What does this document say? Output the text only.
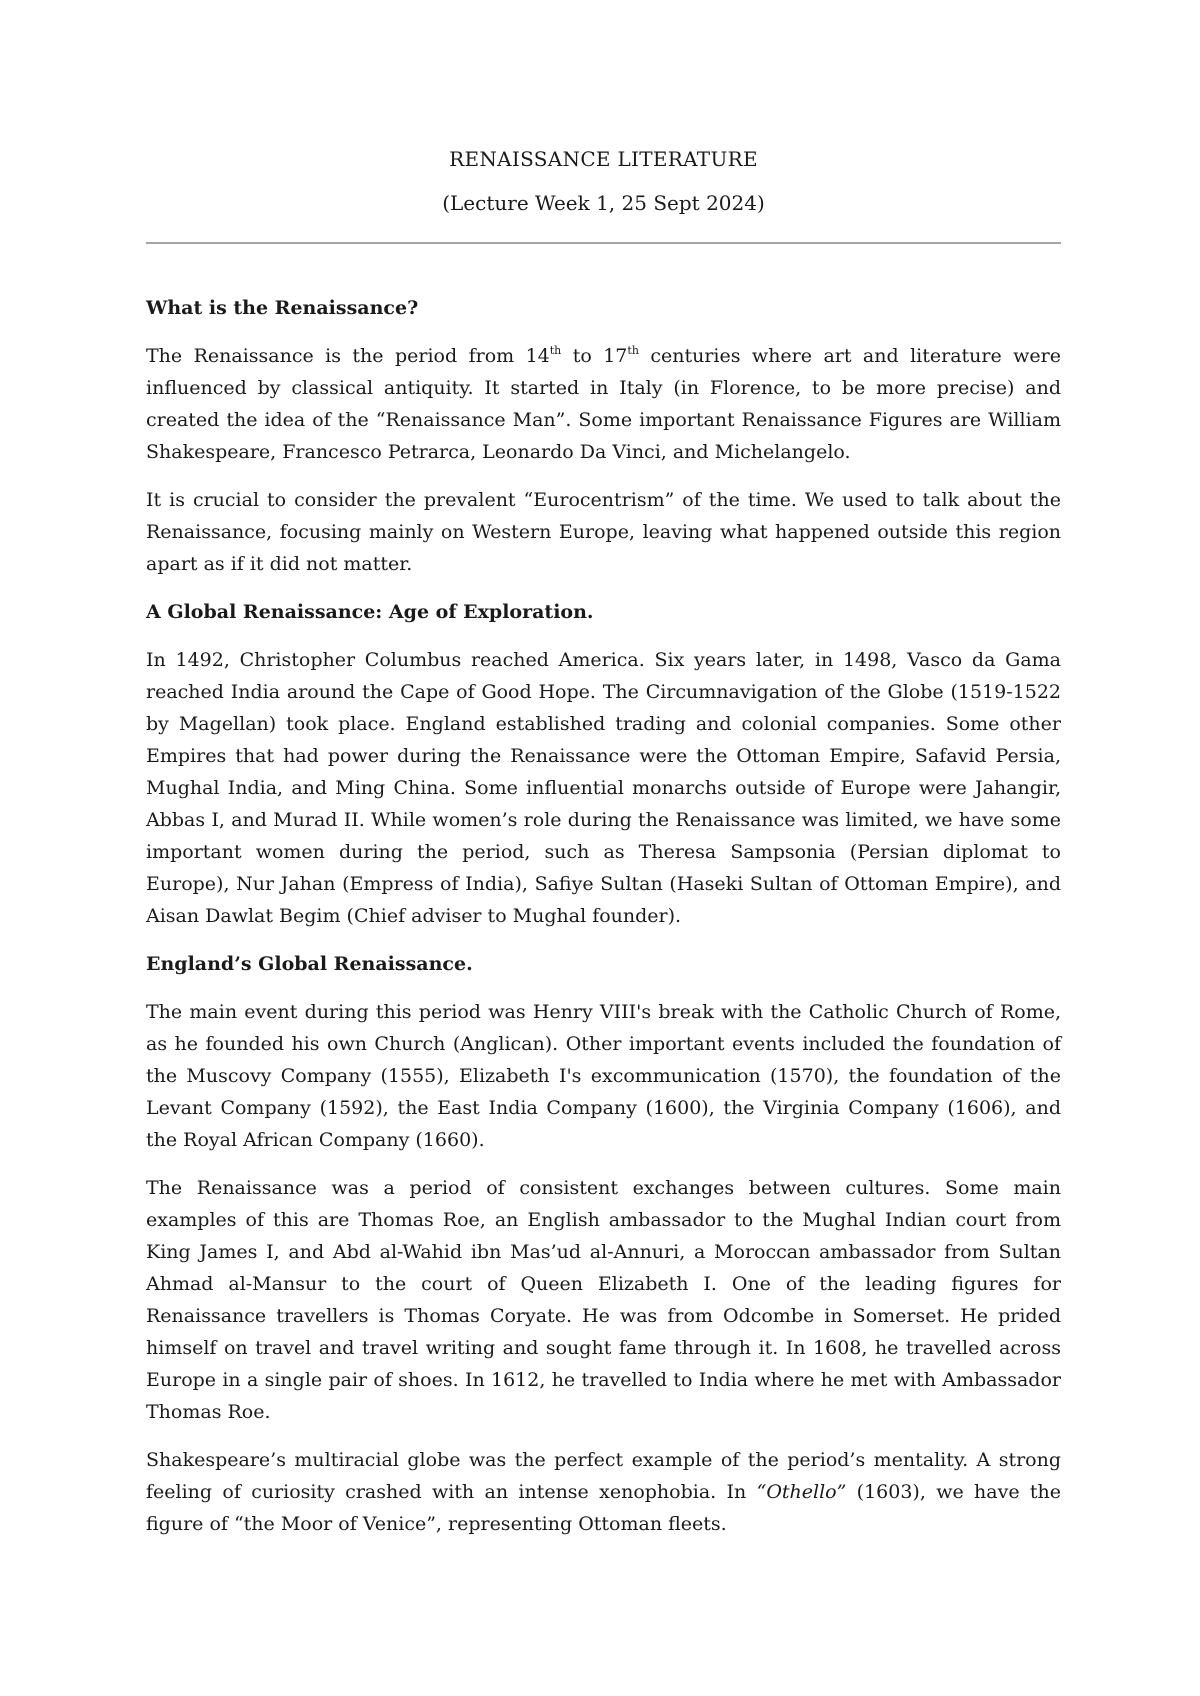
RENAISSANCE LITERATURE

(Lecture Week 1, 25 Sept 2024)

What is the Renaissance?

The Renaissance is the period from 14th to 17th centuries where art and literature were influenced by classical antiquity. It started in Italy (in Florence, to be more precise) and created the idea of the “Renaissance Man”. Some important Renaissance Figures are William Shakespeare, Francesco Petrarca, Leonardo Da Vinci, and Michelangelo.

It is crucial to consider the prevalent “Eurocentrism” of the time. We used to talk about the Renaissance, focusing mainly on Western Europe, leaving what happened outside this region apart as if it did not matter.

A Global Renaissance: Age of Exploration.

In 1492, Christopher Columbus reached America. Six years later, in 1498, Vasco da Gama reached India around the Cape of Good Hope. The Circumnavigation of the Globe (1519-1522 by Magellan) took place. England established trading and colonial companies. Some other Empires that had power during the Renaissance were the Ottoman Empire, Safavid Persia, Mughal India, and Ming China. Some influential monarchs outside of Europe were Jahangir, Abbas I, and Murad II. While women’s role during the Renaissance was limited, we have some important women during the period, such as Theresa Sampsonia (Persian diplomat to Europe), Nur Jahan (Empress of India), Safiye Sultan (Haseki Sultan of Ottoman Empire), and Aisan Dawlat Begim (Chief adviser to Mughal founder).

England’s Global Renaissance.

The main event during this period was Henry VIII's break with the Catholic Church of Rome, as he founded his own Church (Anglican). Other important events included the foundation of the Muscovy Company (1555), Elizabeth I's excommunication (1570), the foundation of the Levant Company (1592), the East India Company (1600), the Virginia Company (1606), and the Royal African Company (1660).

The Renaissance was a period of consistent exchanges between cultures. Some main examples of this are Thomas Roe, an English ambassador to the Mughal Indian court from King James I, and Abd al-Wahid ibn Mas’ud al-Annuri, a Moroccan ambassador from Sultan Ahmad al-Mansur to the court of Queen Elizabeth I. One of the leading figures for Renaissance travellers is Thomas Coryate. He was from Odcombe in Somerset. He prided himself on travel and travel writing and sought fame through it. In 1608, he travelled across Europe in a single pair of shoes. In 1612, he travelled to India where he met with Ambassador Thomas Roe.

Shakespeare’s multiracial globe was the perfect example of the period’s mentality. A strong feeling of curiosity crashed with an intense xenophobia. In “Othello” (1603), we have the figure of “the Moor of Venice”, representing Ottoman fleets.
